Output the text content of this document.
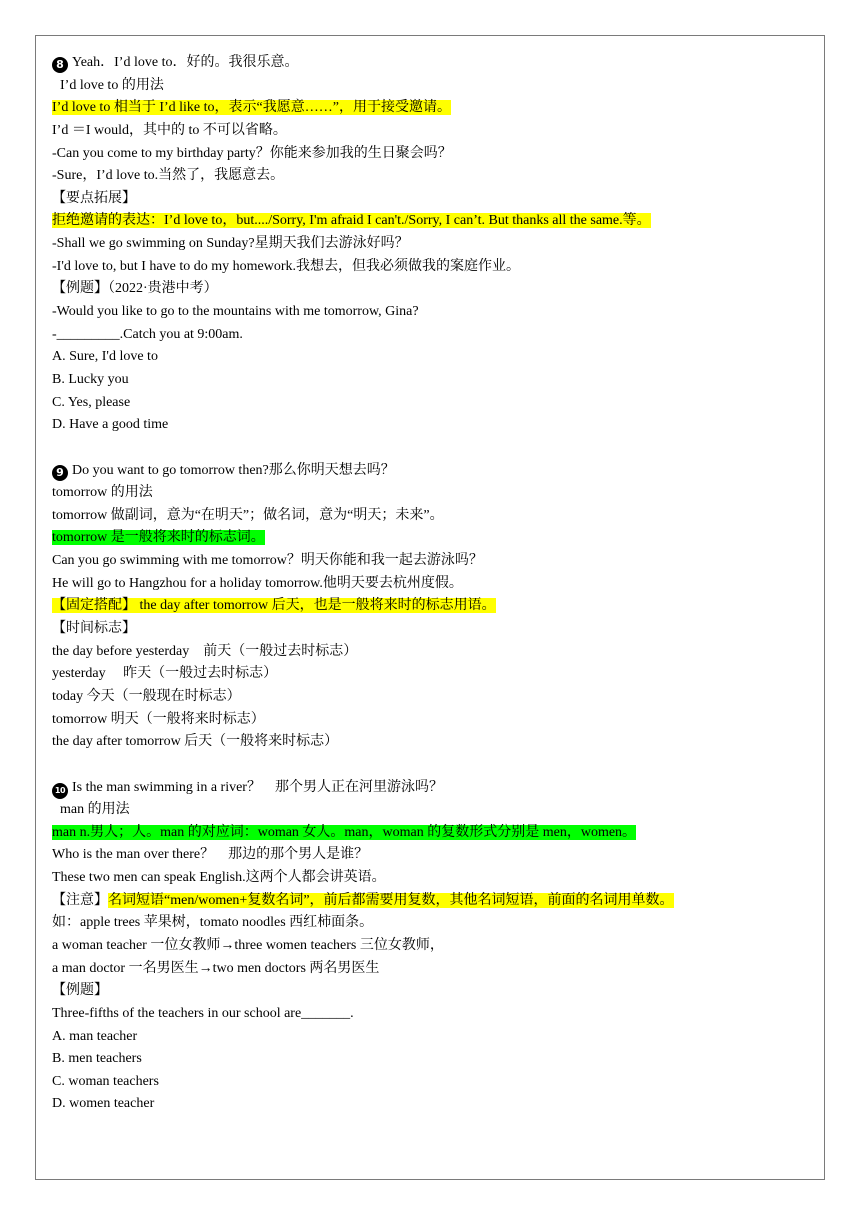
8 Yeah．I’d love to．好的。我很乐意。
I’d love to 的用法
I’d love to 相当于 I’d like to，表示“我愿意……”，用于接受邀请。
I’d ＝I would，其中的 to 不可以省略。
-Can you come to my birthday party？你能来参加我的生日聚会吗？
-Sure，I’d love to.当然了，我愿意去。
【要点拓展】
拒绝邀请的表达：I’d love to，but..../Sorry, I'm afraid I can't./Sorry, I can’t. But thanks all the same.等。
-Shall we go swimming on Sunday?星期天我们去游泳好吗？
-I'd love to, but I have to do my homework.我想去，但我必须做我的案庭作业。
【例题】（2022·贵港中考）
-Would you like to go to the mountains with me tomorrow, Gina?
-_________.Catch you at 9:00am.
A. Sure, I'd love to
B. Lucky you
C. Yes, please
D. Have a good time
9 Do you want to go tomorrow then?那么你明天想去吗？
tomorrow 的用法
tomorrow 做副词，意为“在明天”；做名词，意为“明天；未来”。
tomorrow 是一般将来时的标志词。
Can you go swimming with me tomorrow？明天你能和我一起去游泳吗？
He will go to Hangzhou for a holiday tomorrow.他明天要去杭州度假。
【固定搭配】 the day after tomorrow 后天，也是一般将来时的标志用语。
【时间标志】
the day before yesterday　前天（一般过去时标志）
yesterday　 昨天（一般过去时标志）
today 今天（一般现在时标志）
tomorrow 明天（一般将来时标志）
the day after tomorrow 后天（一般将来时标志）
10 Is the man swimming in a river？　那个男人正在河里游泳吗？
man 的用法
man n.男人；人。man 的对应词：woman 女人。man，woman 的复数形式分别是 men，women。
Who is the man over there？　那边的那个男人是谁？
These two men can speak English.这两个人都会讲英语。
【注意】名词短语“men/women+复数名词”，前后都需要用复数，其他名词短语，前面的名词用单数。
如：apple trees 苹果树，tomato noodles 西红柿面条。
a woman teacher 一位女教师→three women teachers 三位女教师，
a man doctor 一名男医生→two men doctors 两名男医生
【例题】
Three-fifths of the teachers in our school are_______.
A. man teacher
B. men teachers
C. woman teachers
D. women teacher
